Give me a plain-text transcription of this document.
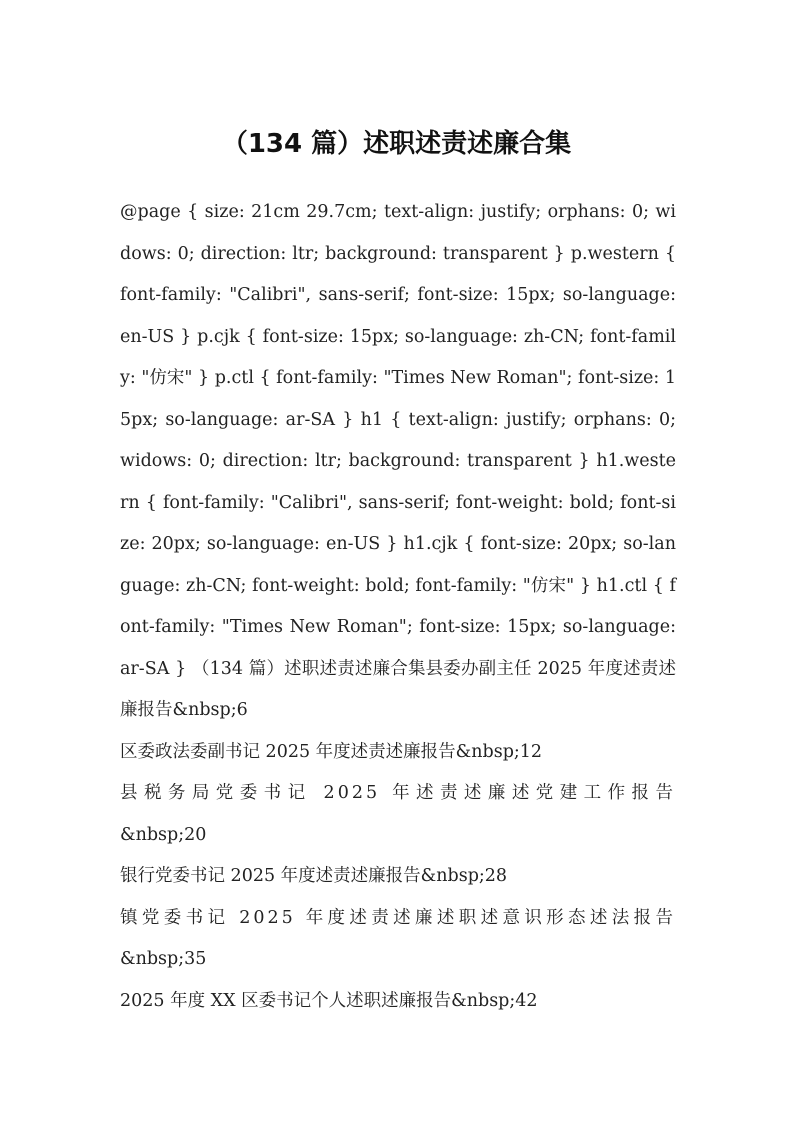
（134 篇）述职述责述廉合集

@page { size: 21cm 29.7cm; text-align: justify; orphans: 0; widows: 0; direction: ltr; background: transparent } p.western { font-family: "Calibri", sans-serif; font-size: 15px; so-language: en-US } p.cjk { font-size: 15px; so-language: zh-CN; font-family: "仿宋" } p.ctl { font-family: "Times New Roman"; font-size: 15px; so-language: ar-SA } h1 { text-align: justify; orphans: 0; widows: 0; direction: ltr; background: transparent } h1.western { font-family: "Calibri", sans-serif; font-weight: bold; font-size: 20px; so-language: en-US } h1.cjk { font-size: 20px; so-language: zh-CN; font-weight: bold; font-family: "仿宋" } h1.ctl { font-family: "Times New Roman"; font-size: 15px; so-language: ar-SA } （134 篇）述职述责述廉合集县委办副主任 2025 年度述责述廉报告&nbsp;6

区委政法委副书记 2025 年度述责述廉报告&nbsp;12
县税务局党委书记 2025 年述责述廉述党建工作报告
&nbsp;20
银行党委书记 2025 年度述责述廉报告&nbsp;28
镇党委书记 2025 年度述责述廉述职述意识形态述法报告
&nbsp;35
2025 年度 XX 区委书记个人述职述廉报告&nbsp;42
